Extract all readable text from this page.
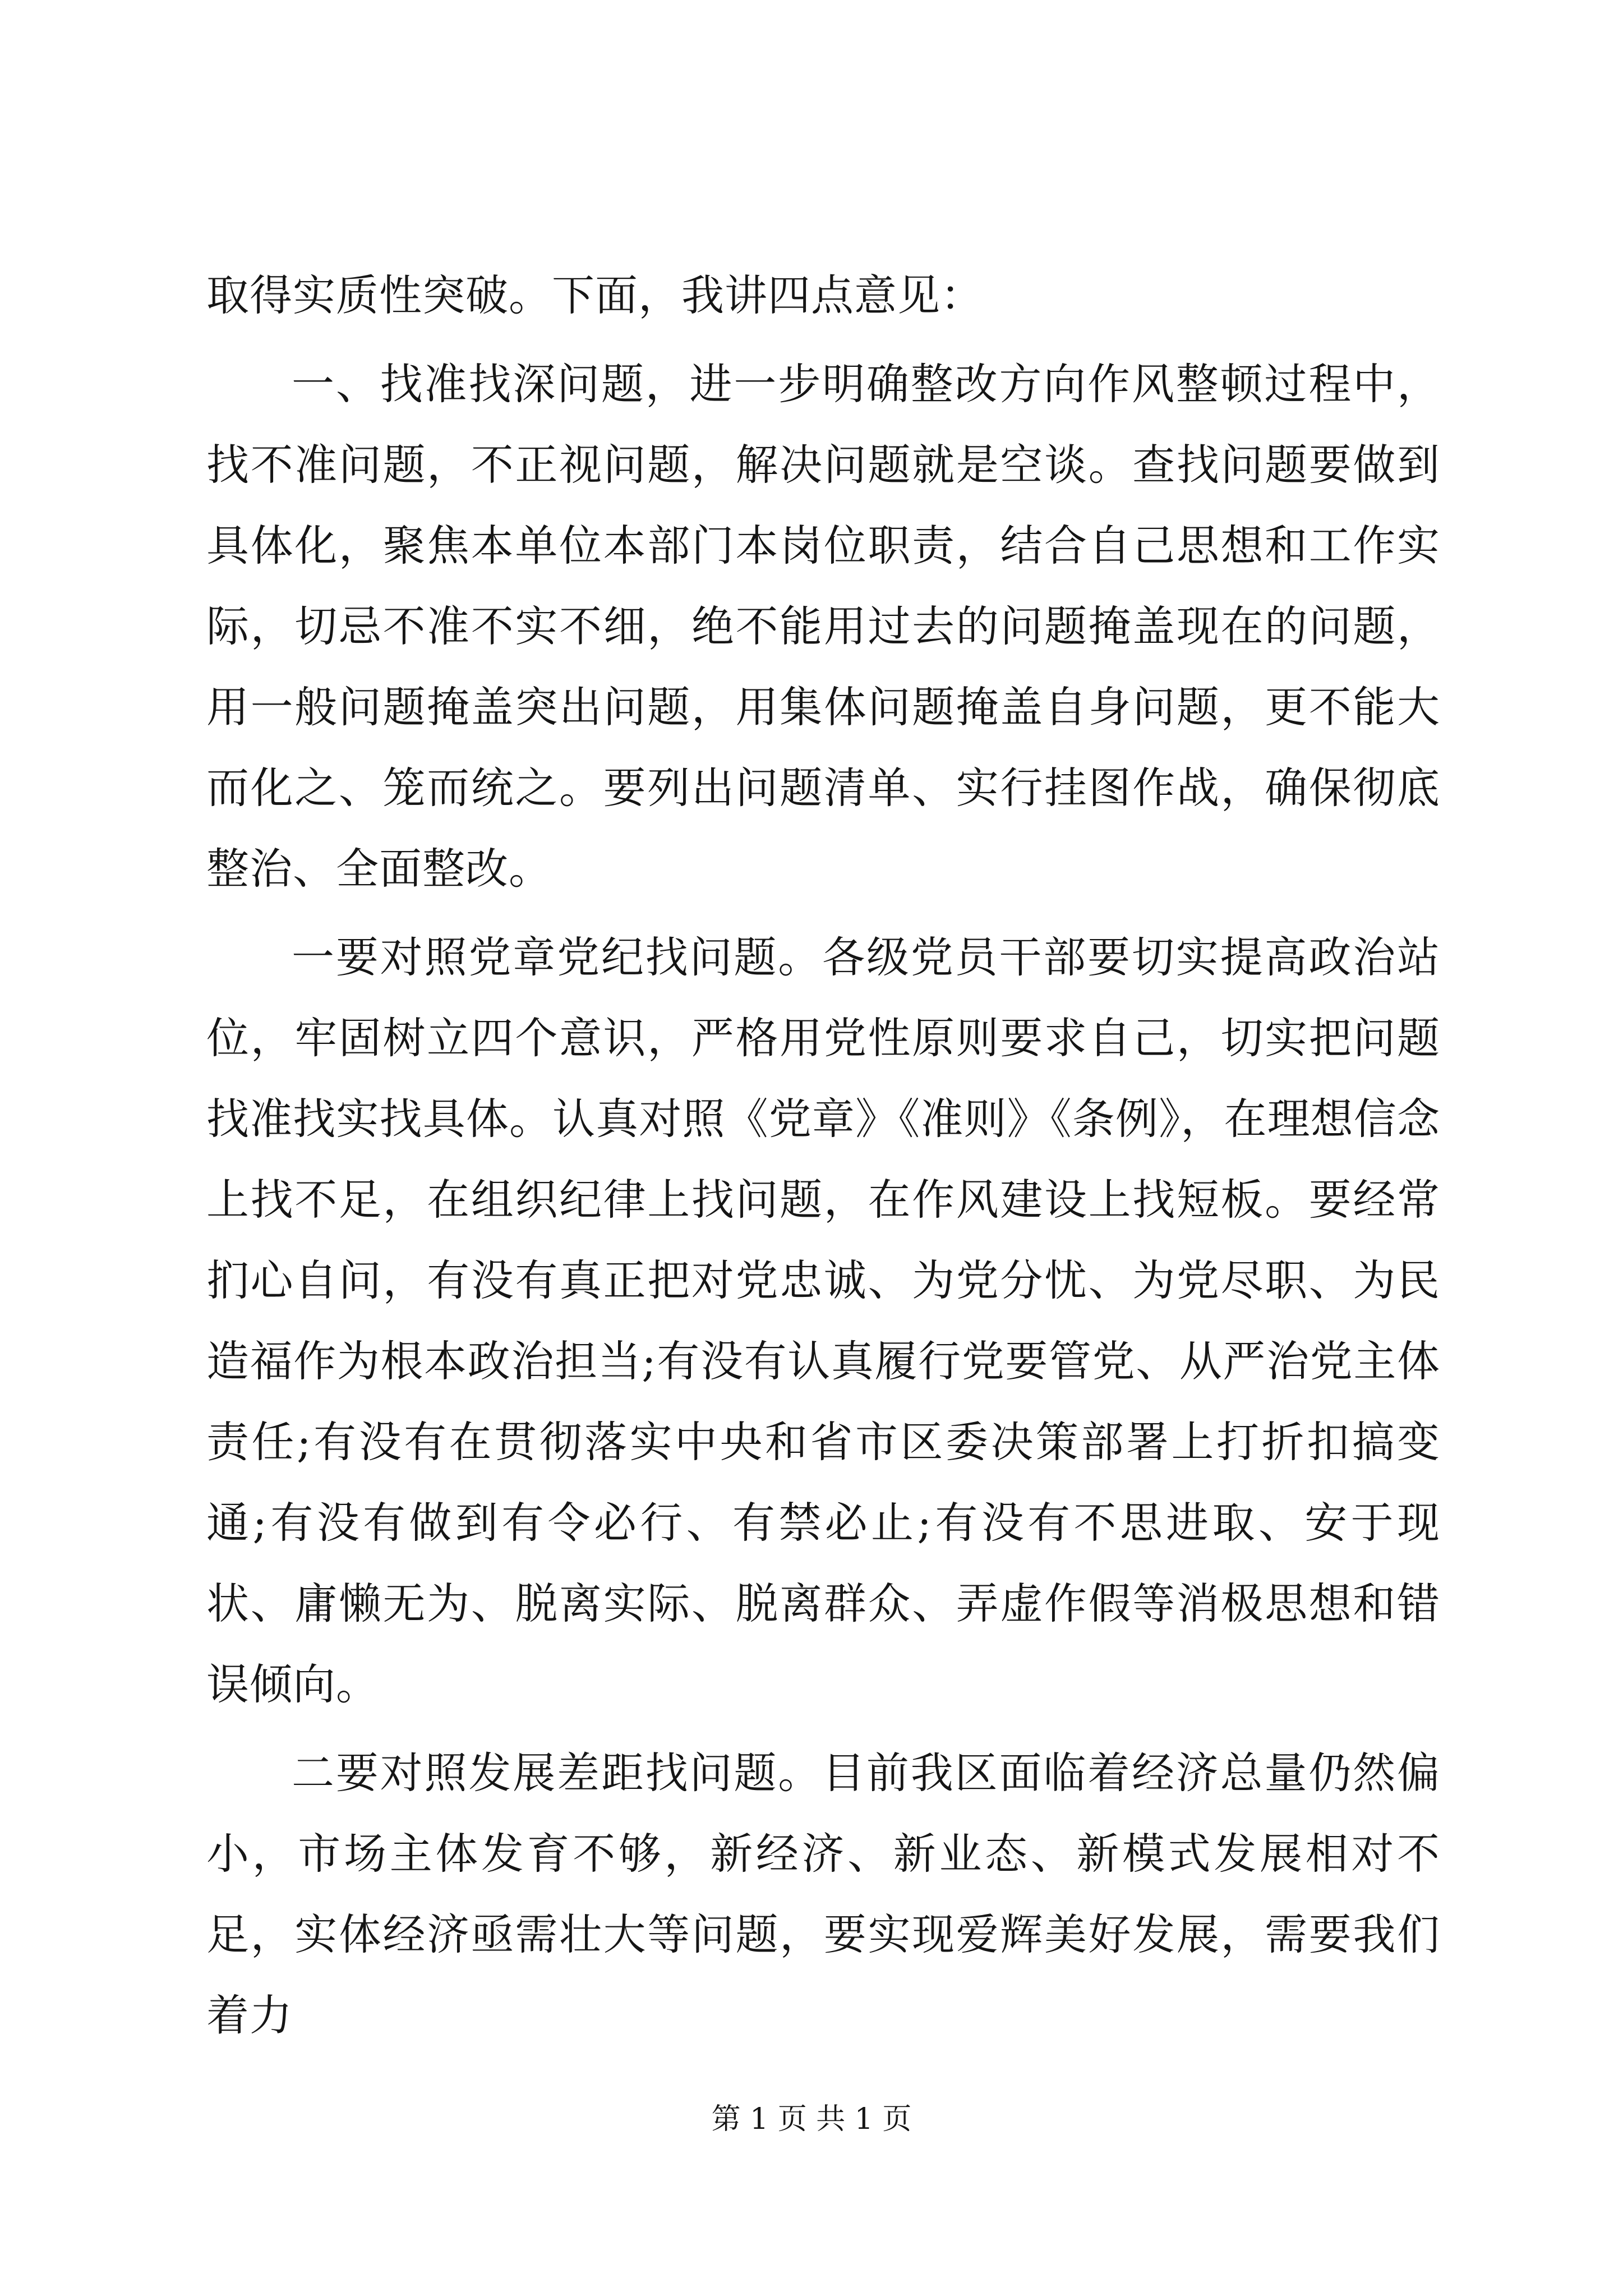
取得实质性突破。下面，我讲四点意见：

一、找准找深问题，进一步明确整改方向作风整顿过程中，找不准问题，不正视问题，解决问题就是空谈。查找问题要做到具体化，聚焦本单位本部门本岗位职责，结合自己思想和工作实际，切忌不准不实不细，绝不能用过去的问题掩盖现在的问题，用一般问题掩盖突出问题，用集体问题掩盖自身问题，更不能大而化之、笼而统之。要列出问题清单、实行挂图作战，确保彻底整治、全面整改。

一要对照党章党纪找问题。各级党员干部要切实提高政治站位，牢固树立四个意识，严格用党性原则要求自己，切实把问题找准找实找具体。认真对照《党章》《准则》《条例》，在理想信念上找不足，在组织纪律上找问题，在作风建设上找短板。要经常扪心自问，有没有真正把对党忠诚、为党分忧、为党尽职、为民造福作为根本政治担当;有没有认真履行党要管党、从严治党主体责任;有没有在贯彻落实中央和省市区委决策部署上打折扣搞变通;有没有做到有令必行、有禁必止;有没有不思进取、安于现状、庸懒无为、脱离实际、脱离群众、弄虚作假等消极思想和错误倾向。

二要对照发展差距找问题。目前我区面临着经济总量仍然偏小，市场主体发育不够，新经济、新业态、新模式发展相对不足，实体经济亟需壮大等问题，要实现爱辉美好发展，需要我们着力

第 1 页 共 1 页
